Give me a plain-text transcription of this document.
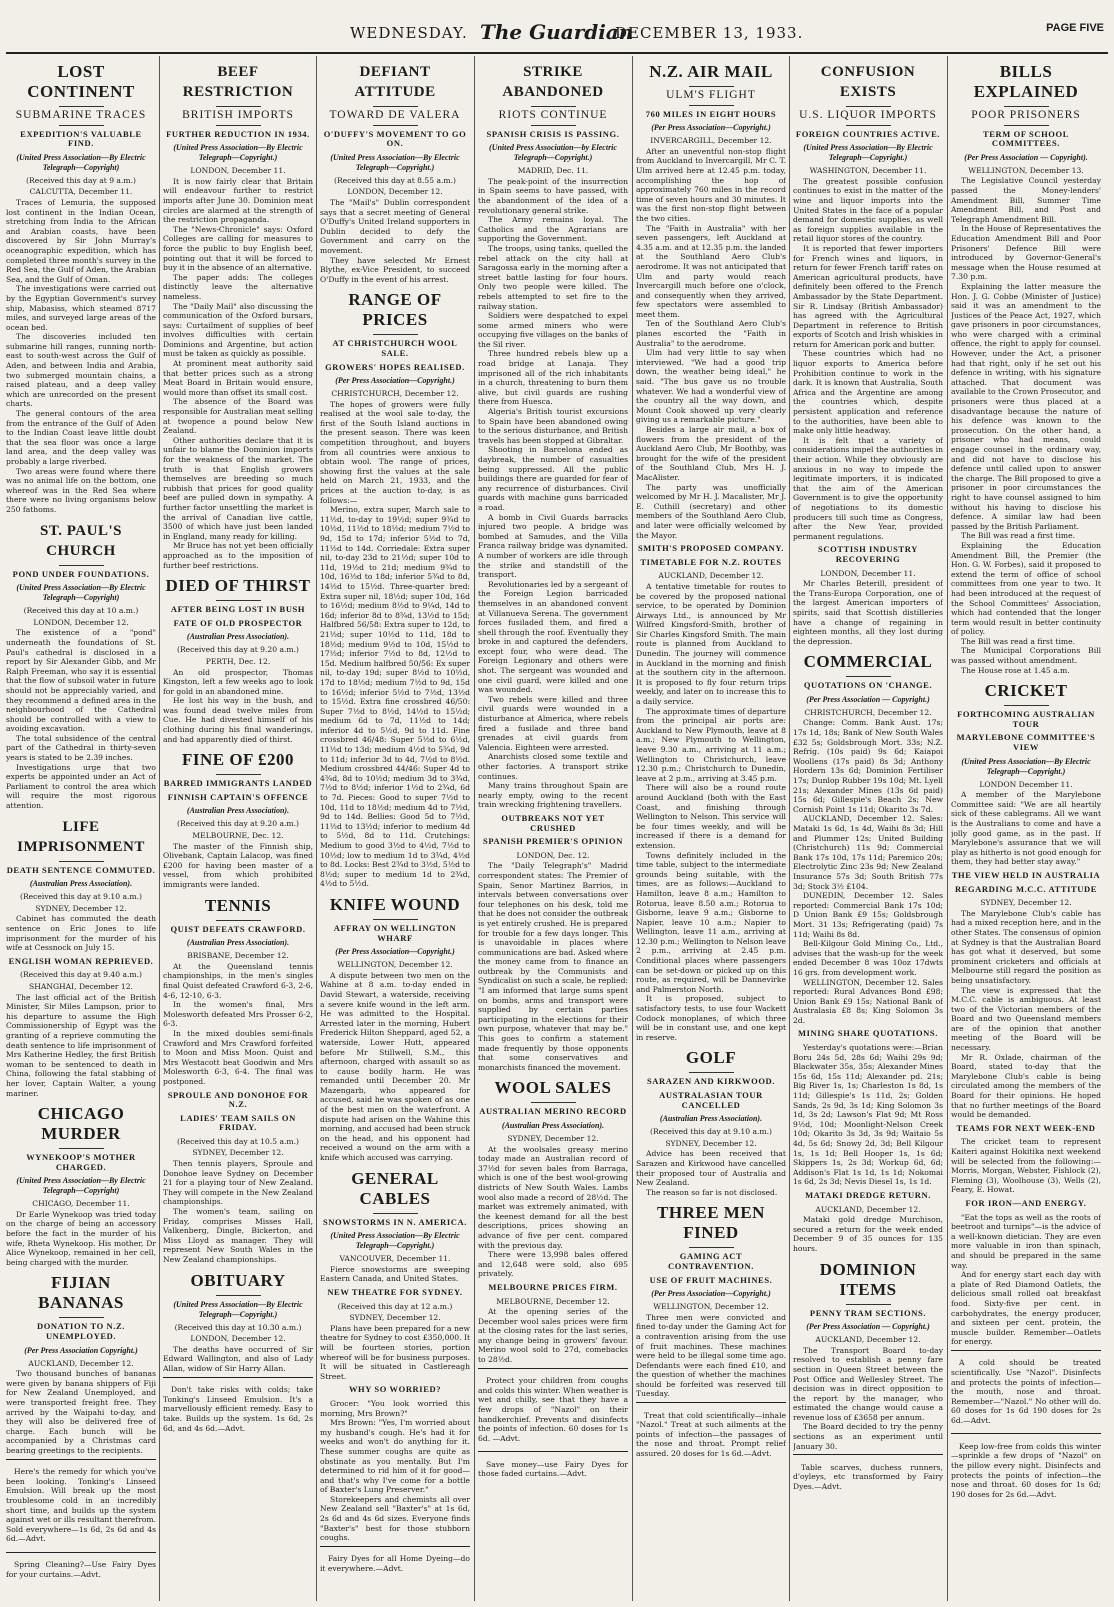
WEDNESDAY. The Guardian
DECEMBER 13, 1933.	PAGE FIVE
LOST CONTINENT
SUBMARINE TRACES
EXPEDITION'S VALUABLE FIND.
(United Press Association—By Electric Telegraph—Copyright)
(Received this day at 9 a.m.)
CALCUTTA, December 11.

Traces of Lemuria, the supposed lost continent in the Indian Ocean, stretching from India to the African and Arabian coasts, have been discovered by Sir John Murray's oceanographic expedition, which has completed three month's survey in the Red Sea, the Gulf of Aden, the Arabian Sea, and the Gulf of Oman.

The investigations were carried out by the Egyptian Government's survey ship, Mabasiss, which steamed 8717 miles, and surveyed large areas of the ocean bed.

The discoveries included ten submarine hill ranges, running north-east to south-west across the Gulf of Aden, and between India and Arabia, two submerged mountain chains, a raised plateau, and a deep valley which are unrecorded on the present charts.

The general contours of the area from the entrance of the Gulf of Aden to the Indian Coast leave little doubt that the sea floor was once a large land area, and the deep valley was probably a large riverbed.

Two areas were found where there was no animal life on the bottom, one whereof was in the Red Sea where there were no living organisms below 250 fathoms.

ST. PAUL'S CHURCH
POND UNDER FOUNDATIONS.
(United Press Association—By Electric Telegraph—Copyright)
(Received this day at 10 a.m.)
LONDON, December 12.

The existence of a "pond" underneath the foundations of St. Paul's cathedral is disclosed in a report by Sir Alexander Gibb, and Mr Ralph Freeman, who say it is essential that the flow of subsoil water in future should not be appreciably varied, and they recommend a defined area in the neighbourhood of the Cathedral should be controlled with a view to avoiding excavation.

The total subsidence of the central part of the Cathedral in thirty-seven years is stated to be 2.39 inches.

Investigations urge that two experts be appointed under an Act of Parliament to control the area which will require the most rigorous attention.

LIFE IMPRISONMENT
DEATH SENTENCE COMMUTED.
(Australian Press Association).
(Received this day at 9.10 a.m.)
SYDNEY, December 12.

Cabinet has commuted the death sentence on Eric Jones to life imprisonment for the murder of his wife at Cessnock on July 15.

ENGLISH WOMAN REPRIEVED.
(Received this day at 9.40 a.m.)
SHANGHAI, December 12.

The last official act of the British Minister, Sir Miles Lampson, prior to his departure to assume the High Commissionership of Egypt was the granting of a reprieve commuting the death sentence to life imprisonment of Mrs Katherine Hedley, the first British woman to be sentenced to death in China, following the fatal stabbing of her lover, Captain Walter, a young mariner.

CHICAGO MURDER
WYNEKOOP'S MOTHER CHARGED.
(United Press Association—By Electric Telegraph—Copyright)
CHICAGO, December 11.

Dr Earle Wynekoop was tried today on the charge of being an accessory before the fact in the murder of his wife, Rheta Wynekoop. His mother, Dr Alice Wynekoop, remained in her cell, being charged with the murder.

FIJIAN BANANAS
DONATION TO N.Z. UNEMPLOYED.
(Per Press Association Copyright.)
AUCKLAND, December 12.

Two thousand bunches of bananas were given by banana shippers of Fiji for New Zealand Unemployed, and were transported freight free. They arrived by the Waipahi to-day, and they will also be delivered free of charge. Each bunch will be accompanied by a Christmas card bearing greetings to the recipients.

Here's the remedy for which you've been looking. Tonking's Linseed Emulsion. Will break up the most troublesome cold in an incredibly short time, and builds up the system against wet or ills resultant therefrom. Sold everywhere—1s 6d, 2s 6d and 4s 6d.—Advt.

Spring Cleaning?—Use Fairy Dyes for your curtains.—Advt.

BEEF RESTRICTION
BRITISH IMPORTS
FURTHER REDUCTION IN 1934.
(United Press Association—By Electric Telegraph—Copyright.)
LONDON, December 11.

It is now fairly clear that Britain will endeavour further to restrict imports after June 30. Dominion meat circles are alarmed at the strength of the restriction propaganda.

The "News-Chronicle" says: Oxford Colleges are calling for measures to force the public to buy English beef, pointing out that it will be forced to buy it in the absence of an alternative.

The paper adds: The colleges distinctly leave the alternative nameless.

The "Daily Mail" also discussing the communication of the Oxford bursars, says: Curtailment of supplies of beef involves difficulties with certain Dominions and Argentine, but action must be taken as quickly as possible.

At prominent meat authority said that better prices such as a strong Meat Board in Britain would ensure, would more than offset its small cost.

The absence of the Board was responsible for Australian meat selling at twopence a pound below New Zealand.

Other authorities declare that it is unfair to blame the Dominion imports for the weakness of the market. The truth is that English growers themselves are breeding so much rubbish that prices for good quality beef are pulled down in sympathy. A further factor unsettling the market is the arrival of Canadian live cattle, 3500 of which have just been landed in England, many ready for killing.

Mr Bruce has not yet been officially approached as to the imposition of further beef restrictions.

DIED OF THIRST
AFTER BEING LOST IN BUSH
FATE OF OLD PROSPECTOR
(Australian Press Association).
(Received this day at 9.20 a.m.)
PERTH, Dec. 12.

An old prospector, Thomas Kingston, left a few weeks ago to look for gold in an abandoned mine.

He lost his way in the bush, and was found dead twelve miles from Cue. He had divested himself of his clothing during his final wanderings, and had apparently died of thirst.

FINE OF £200
BARRED IMMIGRANTS LANDED
FINNISH CAPTAIN'S OFFENCE
(Australian Press Association).
(Received this day at 9.20 a.m.)
MELBOURNE, Dec. 12.

The master of the Finnish ship, Olivebank, Captain Lalacop, was fined £200 for having been master of a vessel, from which prohibited immigrants were landed.

TENNIS
QUIST DEFEATS CRAWFORD.
(Australian Press Association).
BRISBANE, December 12.

At the Queensland tennis championships, in the men's singles final Quist defeated Crawford 6-3, 2-6, 4-6, 12-10, 6-3.

In the women's final, Mrs Molesworth defeated Mrs Prosser 6-2, 6-3.

In the mixed doubles semi-finals Crawford and Mrs Crawford forfeited to Moon and Miss Moon. Quist and Mrs Westacott beat Goodwin and Mrs Molesworth 6-3, 6-4. The final was postponed.

SPROULE AND DONOHOE FOR N.Z.
LADIES' TEAM SAILS ON FRIDAY.
(Received this day at 10.5 a.m.)
SYDNEY, December 12.

Then tennis players, Sproule and Donohoe leave Sydney on December 21 for a playing tour of New Zealand. They will compete in the New Zealand championships.

The women's team, sailing on Friday, comprises Misses Hall, Valkenberg, Dingle, Bickerton, and Miss Lloyd as manager. They will represent New South Wales in the New Zealand championships.

OBITUARY
(United Press Association—By Electric Telegraph—Copyright.)
(Received this day at 10.30 a.m.)
LONDON, December 12.

The deaths have occurred of Sir Edward Wallington, and also of Lady Allan, widow of Sir Harry Allan.

Don't take risks with colds; take Tonking's Linseed Emulsion. It's a marvellously efficient remedy. Easy to take. Builds up the system. 1s 6d, 2s 6d, and 4s 6d.—Advt.

DEFIANT ATTITUDE
TOWARD DE VALERA
O'DUFFY'S MOVEMENT TO GO ON.
(United Press Association—By Electric Telegraph—Copyright.)
(Received this day at 8.55 a.m.)
LONDON, December 12.

The "Mail's" Dublin correspondent says that a secret meeting of General O'Duffy's United Ireland supporters in Dublin decided to defy the Government and carry on the movement.

They have selected Mr Ernest Blythe, ex-Vice President, to succeed O'Duffy in the event of his arrest.

RANGE OF PRICES
AT CHRISTCHURCH WOOL SALE.
GROWERS' HOPES REALISED.
(Per Press Association—Copyright.)
CHRISTCHURCH, December 12.

The hopes of growers were fully realised at the wool sale to-day, the first of the South Island auctions in the present season. There was keen competition throughout, and buyers from all countries were anxious to obtain wool. The range of prices, showing first the values at the sale held on March 21, 1933, and the prices at the auction to-day, is as follows:—

Merino, extra super, March sale to 11½d, to-day to 19½d; super 9¾d to 10½d, 11½d to 18½d; medium 7½d to 9d, 15d to 17d; inferior 5½d to 7d, 11½d to 14d. Corriedale: Extra super nil, to-day 23d to 21½d; super 10d to 11d, 19½d to 21d; medium 9¾d to 10d, 16½d to 18d; inferior 5¾d to 8d, 14½d to 15½d. Three-quarter bred: Extra super nil, 18½d; super 10d, 16d to 16½d; medium 8½d to 9¼d, 14d to 16d; inferior 8d to 8¾d, 13½d to 15d; Halfbred 56/58: Extra super to 12d, to 21½d; super 10½d to 11d, 18d to 18½d; medium 9½d to 10d, 15½d to 17½d; inferior 7½d to 8d, 12½d to 15d. Medium halfbred 50/56: Ex super nil, to-day 19d; super 8½d to 10½d, 17d to 18½d; medium 7½d to 9d, 15d to 16½d; inferior 5½d to 7½d, 13½d to 15½d. Extra fine crossbred 46/50: Super 7½d to 8½d, 14½d to 15½d; medium 6d to 7d, 11½d to 14d; inferior 4d to 5½d, 9d to 11d. Fine crossbred 46/48: Super 5½d to 6½d, 11½d to 13d; medium 4½d to 5¾d, 9d to 11d; inferior 3d to 4d, 7½d to 8½d. Medium crossbred 44/46: Super 4d to 4¾d, 8d to 10½d; medium 3d to 3¾d, 7½d to 8½d; inferior 1½d to 2¾d, 6d to 7d. Pieces: Good to super 7½d to 10d, 11d to 18½d; medium 4d to 7½d, 9d to 14d. Bellies: Good 5d to 7½d, 11½d to 13½d; inferior to medium 4d to 5½d, 8d to 11d. Crutchings: Medium to good 3½d to 4½d, 7½d to 10½d; low to medium 1d to 3¾d, 4½d to 8d. Locks: Best 2¾d to 3½d, 5½d to 8½d; super to medium 1d to 2¾d, 4½d to 5½d.

KNIFE WOUND
AFFRAY ON WELLINGTON WHARF
(Per Press Association—Copyright.)
WELLINGTON, December 12.

A dispute between two men on the Wahine at 8 a.m. to-day ended in David Stewart, a waterside, receiving a severe knife wound in the left arm. He was admitted to the Hospital. Arrested later in the morning, Hubert Frederick Hilton Sheppard, aged 52, a waterside, Lower Hutt, appeared before Mr Stillwell, S.M., this afternoon, charged with assault so as to cause bodily harm. He was remanded until December 20. Mr Mazengarb, who appeared for accused, said he was spoken of as one of the best men on the waterfront. A dispute had arisen on the Wahine this morning, and accused had been struck on the head, and his opponent had received a wound on the arm with a knife which accused was carrying.

GENERAL CABLES
SNOWSTORMS IN N. AMERICA.
(United Press Association—By Electric Telegraph—Copyright.)
VANCOUVER, December 11.

Fierce snowstorms are sweeping Eastern Canada, and United States.

NEW THEATRE FOR SYDNEY.
(Received this day at 12 a.m.)
SYDNEY, December 12.

Plans have been prepared for a new theatre for Sydney to cost £350,000. It will be fourteen stories, portion whereof will be for business purposes. It will be situated in Castlereagh Street.

WHY SO WORRIED?

Grocer: "You look worried this morning, Mrs Brown?"

Mrs Brown: "Yes, I'm worried about my husband's cough. He's had it for weeks and won't do anything for it. These summer coughs are quite as obstinate as you mentally. But I'm determined to rid him of it for good—and that's why I've come for a bottle of Baxter's Lung Preserver."

Storekeepers and chemists all over New Zealand sell "Baxter's" at 1s 6d, 2s 6d and 4s 6d sizes. Everyone finds "Baxter's" best for those stubborn coughs.

Fairy Dyes for all Home Dyeing—do it everywhere.—Advt.

STRIKE ABANDONED
RIOTS CONTINUE
SPANISH CRISIS IS PASSING.
(United Press Association—by Electric Telegraph—Copyright.)
MADRID, Dec. 11.

The peak-point of the insurrection in Spain seems to have passed, with the abandonment of the idea of a revolutionary general strike.

The Army remains loyal. The Catholics and the Agrarians are supporting the Government.

The troops, using tanks, quelled the rebel attack on the city hall at Saragossa early in the morning after a street battle lasting for four hours. Only two people were killed. The rebels attempted to set fire to the railway station.

Soldiers were despatched to expel some armed miners who were occupying five villages on the banks of the Sil river.

Three hundred rebels blew up a road bridge at Lanaja. They imprisoned all of the rich inhabitants in a church, threatening to burn them alive, but civil guards are rushing there from Huesca.

Algeria's British tourist excursions to Spain have been abandoned owing to the serious disturbance, and British travels has been stopped at Gibraltar.

Shooting in Barcelona ended as daybreak, the number of casualties being suppressed. All the public buildings there are guarded for fear of any recurrence of disturbances. Civil guards with machine guns barricaded a road.

A bomb in Civil Guards barracks injured two people. A bridge was bombed at Samudes, and the Villa Franca railway bridge was dynamited. A number of workers are idle through the strike and standstill of the transport.

Revolutionaries led by a sergeant of the Foreign Legion barricaded themselves in an abandoned convent at Villanueva Serena. The government forces fusiladed them, and fired a shell through the roof. Eventually they broke in and captured the defenders, except four, who were dead. The Foreign Legionary and others were shot. The sergeant was wounded and one civil guard, were killed and one was wounded.

Two rebels were killed and three civil guards were wounded in a disturbance at Almerica, where rebels fired a fusilade and three band grenades at civil guards from Valencia. Eighteen were arrested.

Anarchists closed some textile and other factories. A transport strike continues.

Many trains throughout Spain are nearly empty, owing to the recent train wrecking frightening travellers.

OUTBREAKS NOT YET CRUSHED
SPANISH PREMIER'S OPINION
LONDON, Dec. 12.

The "Daily Telegraph's" Madrid correspondent states: The Premier of Spain, Senor Martinez Barrios, in intervals between conversations over four telephones on his desk, told me that he does not consider the outbreak is yet entirely crushed. He is prepared for trouble for a few days longer. This is unavoidable in places where communications are bad. Asked where the money came from to finance an outbreak by the Communists and Syndicalist on such a scale, he replied: "I am informed that large sums spent on bombs, arms and transport were supplied by certain parties participating in the elections for their own purpose, whatever that may be." This goes to confirm a statement made frequently by those opponents that some conservatives and monarchists financed the movement.

WOOL SALES
AUSTRALIAN MERINO RECORD
(Australian Press Association).
SYDNEY, December 12.

At the woolsales greasy merino today made an Australian record of 37½d for seven bales from Barraga, which is one of the best wool-growing districts of New South Wales. Lambs wool also made a record of 28½d. The market was extremely animated, with the keenest demand for all the best descriptions, prices showing an advance of five per cent. compared with the previous day.

There were 13,998 bales offered and 12,648 were sold, also 695 privately.

MELBOURNE PRICES FIRM.
MELBOURNE, December 12.

At the opening series of the December wool sales prices were firm at the closing rates for the last series, any change being in growers' favour. Merino wool sold to 27d, comebacks to 28½d.

Protect your children from coughs and colds this winter. When weather is wet and chilly, see that they have a few drops of "Nazol" on their handkerchief. Prevents and disinfects the points of infection. 60 doses for 1s 6d. —Advt.

Save money—use Fairy Dyes for those faded curtains.—Advt.

N.Z. AIR MAIL
ULM'S FLIGHT
760 MILES IN EIGHT HOURS
(Per Press Association—Copyright.)
INVERCARGILL, December 12.

After an uneventful non-stop flight from Auckland to Invercargill, Mr C. T. Ulm arrived here at 12.45 p.m. today, accomplishing the hop of approximately 760 miles in the record time of seven hours and 30 minutes. It was the first non-stop flight between the two cities.

The "Faith in Australia" with her seven passengers, left Auckland at 4.35 a.m. and at 12.35 p.m. the landed at the Southland Aero Club's aerodrome. It was not anticipated that Ulm and party would reach Invercargill much before one o'clock, and consequently when they arrived, few spectators were assembled to meet them.

Ten of the Southland Aero Club's planes escorted the "Faith in Australia" to the aerodrome.

Ulm had very little to say when interviewed. "We had a good trip down, the weather being ideal," he said. "The bus gave us no trouble whatever. We had a wonderful view of the country all the way down, and Mount Cook showed up very clearly giving us a remarkable picture."

Besides a large air mail, a box of flowers from the president of the Auckland Aero Club, Mr Boothby, was brought for the wife of the president of the Southland Club, Mrs H. J. MacAlister.

The party was unofficially welcomed by Mr H. J. Macalister, Mr J. E. Cuthill (secretary) and other members of the Southland Aero Club, and later were officially welcomed by the Mayor.

SMITH'S PROPOSED COMPANY.
TIMETABLE FOR N.Z. ROUTES
AUCKLAND, December 12.

A tentative timetable for routes to be covered by the proposed national service, to be operated by Dominion Airways Ltd., is announced by Mr Wilfred Kingsford-Smith, brother of Sir Charles Kingsford Smith. The main route is planned from Auckland to Dunedin. The journey will commence in Auckland in the morning and finish at the southern city in the afternoon. It is proposed to fly four return trips weekly, and later on to increase this to a daily service.

The approximate times of departure from the principal air ports are: Auckland to New Plymouth, leave at 8 a.m.; New Plymouth to Wellington, leave 9.30 a.m., arriving at 11 a.m.; Wellington to Christchurch, leave 12.30 p.m.; Christchurch to Dunedin, leave at 2 p.m., arriving at 3.45 p.m.

There will also be a round route around Auckland (both with the East Coast, and finishing through Wellington to Nelson. This service will be four times weekly, and will be increased if there is a demand for extension.

Towns definitely included in the time table, subject to the intermediate grounds being suitable, with the times, are as follows:—Auckland to Hamilton, leave 8 a.m.; Hamilton to Rotorua, leave 8.50 a.m.; Rotorua to Gisborne, leave 9 a.m.; Gisborne to Napier, leave 10 a.m.; Napier to Wellington, leave 11 a.m., arriving at 12.30 p.m.; Wellington to Nelson leave 2 p.m., arriving at 2.45 p.m. Conditional places where passengers can be set-down or picked up on this route, as required, will be Dannevirke and Palmerston North.

It is proposed, subject to satisfactory tests, to use four Wackett Codock monoplanes, of which three will be in constant use, and one kept in reserve.

GOLF
SARAZEN AND KIRKWOOD.
AUSTRALASIAN TOUR CANCELLED
(Australian Press Association).
(Received this day at 9.10 a.m.)
SYDNEY, December 12.

Advice has been received that Sarazen and Kirkwood have cancelled their proposed tour of Australia and New Zealand.

The reason so far is not disclosed.

THREE MEN FINED
GAMING ACT CONTRAVENTION.
USE OF FRUIT MACHINES.
(Per Press Association—Copyright.)
WELLINGTON, December 12.

Three men were convicted and fined to-day under the Gaming Act for a contravention arising from the use of fruit machines. These machines were held to be illegal some time ago. Defendants were each fined £10, and the question of whether the machines should be forfeited was reserved till Tuesday.

Treat that cold scientifically—inhale "Nazol." Treat at such ailments at the points of infection—the passages of the nose and throat. Prompt relief assured. 20 doses for 1s 6d.—Advt.

CONFUSION EXISTS
U.S. LIQUOR IMPORTS
FOREIGN COUNTRIES ACTIVE.
(United Press Association—By Electric Telegraph—Copyright.)
WASHINGTON, December 11.

The greatest possible confusion continues to exist in the matter of the wine and liquor imports into the United States in the face of a popular demand for domestic supplies, as well as foreign supplies available in the retail liquor stores of the country.

It is reported that fewer importers for French wines and liquors, in return for fewer French tariff rates on American agricultural products, have definitely been offered to the French Ambassador by the State Department. Sir R. Lindsay (British Ambassador) has agreed with the Agricultural Department in reference to British exports of Scotch and Irish whiskies in return for American pork and butter.

These countries which had no liquor exports to America before Prohibition continue to work in the dark. It is known that Australia, South Africa and the Argentine are among the countries which, despite persistent application and reference to the authorities, have been able to make only little headway.

It is felt that a variety of considerations impel the authorities in their action. While they obviously are anxious in no way to impede the legitimate importers, it is indicated that the aim of the American Government is to give the opportunity of negotiations to its domestic producers till such time as Congress, after the New Year, provided permanent regulations.

SCOTTISH INDUSTRY RECOVERING
LONDON, December 11.

Mr Charles Beterill, president of the Trans-Europa Corporation, one of the largest American importers of spirits, said that Scottish distilleries have a change of regaining in eighteen months, all they lost during the depression.

COMMERCIAL
QUOTATIONS ON 'CHANGE.
(Per Press Association — Copyright.)
CHRISTCHURCH, December 12.

Change: Comm. Bank Aust. 17s; 17s 1d, 18s; Bank of New South Wales £32 5s; Goldsbrough Mort. 33s; N.Z. Refrig. (10s paid) 9s 6d; Kaiapoi Woollens (17s paid) 8s 3d; Anthony Hordern 13s 6d; Dominion Fertiliser 17s; Dunlop Rubber 19s 10d; Mt. Lyell 21s; Alexander Mines (13s 6d paid) 15s 6d; Gillespie's Beach 2s; New Cornish Point 1s 11d; Okarito 3s 7d.

AUCKLAND, December 12. Sales: Mataki 1s 6d, 1s 4d, Waihi 8s 3d; Hill and Plummer 12s; United Building (Christchurch) 11s 9d; Commercial Bank 17s 10d, 17s 11d; Paremico 20s; Electrolytic Zinc 23s 9d; New Zealand Insurance 57s 3d; South British 77s 3d; Stock 3½ £104.

DUNEDIN, December 12. Sales reported: Commercial Bank 17s 10d; D Union Bank £9 15s; Goldsbrough Mort. 31 13s; Refrigerating (paid) 7s 11d; Waihi 8s 8d.

Bell-Kilgour Gold Mining Co., Ltd., advises that the wash-up for the week ended December 8 was 10oz 17dwts 16 grs. from development work.

WELLINGTON, December 12. Sales reported: Rural Advances Bond £98; Union Bank £9 15s; National Bank of Australasia £8 8s; King Solomon 3s 2d.

MINING SHARE QUOTATIONS.

Yesterday's quotations were:—Brian Boru 24s 5d, 28s 6d; Waihi 29s 9d; Blackwater 35s, 35s; Alexander Mines 15s 6d, 15s 11d; Alexander pd. 21s; Big River 1s, 1s; Charleston 1s 8d, 1s 11d; Gillespie's 1s 11d, 2s; Golden Sands, 2s 9d, 3s 1d; King Solomon 3s 1d, 3s 2d; Lawson's Flat 9d; Mt Ross 9½d, 10d; Moonlight-Nelson Creek 10d; Okarito 3s 3d, 3s 9d; Waitaio 5s 4d, 5s 6d; Snowy 2d, 3d; Bell Kilgour 1s, 1s 1d; Bell Hooper 1s, 1s 6d; Skippers 1s, 2s 3d; Workup 6d, 6d; Addison's Flat 1s 1d, 1s 1d; Nokomai 1s 6d, 2s 3d; Nevis Diesel 1s, 1s 1d.

MATAKI DREDGE RETURN.
AUCKLAND, December 12.

Mataki gold dredge Murchison, secured a return for the week ended December 9 of 35 ounces for 135 hours.

DOMINION ITEMS
PENNY TRAM SECTIONS.
(Per Press Association — Copyright.)
AUCKLAND, December 12.

The Transport Board to-day resolved to establish a penny fare section in Queen Street between the Post Office and Wellesley Street. The decision was in direct opposition to the report by the manager, who estimated the change would cause a revenue loss of £3658 per annum.

The Board decided to try the penny sections as an experiment until January 30.

Table scarves, duchess runners, d'oyleys, etc transformed by Fairy Dyes.—Advt.

BILLS EXPLAINED
POOR PRISONERS
TERM OF SCHOOL COMMITTEES.
(Per Press Association — Copyright).
WELLINGTON, December 13.

The Legislative Council yesterday passed the Money-lenders' Amendment Bill, Summer Time Amendment Bill, and Post and Telegraph Amendment Bill.

In the House of Representatives the Education Amendment Bill and Poor Prisoners' Defence Bill were introduced by Governor-General's message when the House resumed at 7.30 p.m.

Explaining the latter measure the Hon. J. G. Cobbe (Minister of Justice) said it was an amendment to the Justices of the Peace Act, 1927, which gave prisoners in poor circumstances, who were charged with a criminal offence, the right to apply for counsel. However, under the Act, a prisoner had that right, only if he set out his defence in writing, with his signature attached. That document was available to the Crown Prosecutor, and prisoners were thus placed at a disadvantage because the nature of his defence was known to the prosecution. On the other hand, a prisoner who had means, could engage counsel in the ordinary way, and did not have to disclose his defence until called upon to answer the charge. The Bill proposed to give a prisoner in poor circumstances the right to have counsel assigned to him without his having to disclose his defence. A similar law had been passed by the British Parliament.

The Bill was read a first time.

Explaining the Education Amendment Bill, the Premier (the Hon. G. W. Forbes), said it proposed to extend the term of office of school committees from one year to two. It had been introduced at the request of the School Committees' Association, which had contended that the longer term would result in better continuity of policy.

The Bill was read a first time.

The Municipal Corporations Bill was passed without amendment.

The House rose at 1.45 a.m.

CRICKET
FORTHCOMING AUSTRALIAN TOUR
MARYLEBONE COMMITTEE'S VIEW
(United Press Association—By Electric Telegraph—Copyright.)
LONDON December 11.

A member of the Marylebone Committee said: "We are all heartily sick of these cablegrams. All we want is the Australians to come and have a jolly good game, as in the past. If Marylebone's assurance that we will play as hitherto is not good enough for them, they had better stay away."

THE VIEW HELD IN AUSTRALIA
REGARDING M.C.C. ATTITUDE
SYDNEY, December 12.

The Marylebone Club's cable has had a mixed reception here, and in the other States. The consensus of opinion at Sydney is that the Australian Board has got what it deserved, but some prominent cricketers and officials at Melbourne still regard the position as being unsatisfactory.

The view is expressed that the M.C.C. cable is ambiguous. At least two of the Victorian members of the Board and two Queensland members are of the opinion that another meeting of the Board will be necessary.

Mr R. Oxlade, chairman of the Board, stated to-day that the Marylebone Club's cable is being circulated among the members of the Board for their opinions. He hoped that no further meetings of the Board would be demanded.

TEAMS FOR NEXT WEEK-END

The cricket team to represent Kaiteri against Hokitika next weekend will be selected from the following:—Morris, Morgan, Webster, Fishlock (2), Fleming (3), Woolhouse (3), Wells (2), Feary, E. Howat.

FOR IRON—AND ENERGY.

"Eat the tops as well as the roots of beetroot and turnips"—is the advice of a well-known dietician. They are even more valuable in iron than spinach, and should be prepared in the same way.

And for energy start each day with a plate of Red Diamond Oatlets, the delicious small rolled oat breakfast food. Sixty-five per cent. in carbohydrates, the energy producer, and sixteen per cent. protein, the muscle builder. Remember—Oatlets for energy.

A cold should be treated scientifically. Use "Nazol". Disinfects and protects the points of infection—the mouth, nose and throat. Remember—"Nazol." No other will do. 60 doses for 1s 6d 190 doses for 2s 6d.—Advt.

Keep low-free from colds this winter—sprinkle a few drops of "Nazol" on the pillow every night. Disinfects and protects the points of infection—the nose and throat. 60 doses for 1s 6d; 190 doses for 2s 6d.—Advt.
